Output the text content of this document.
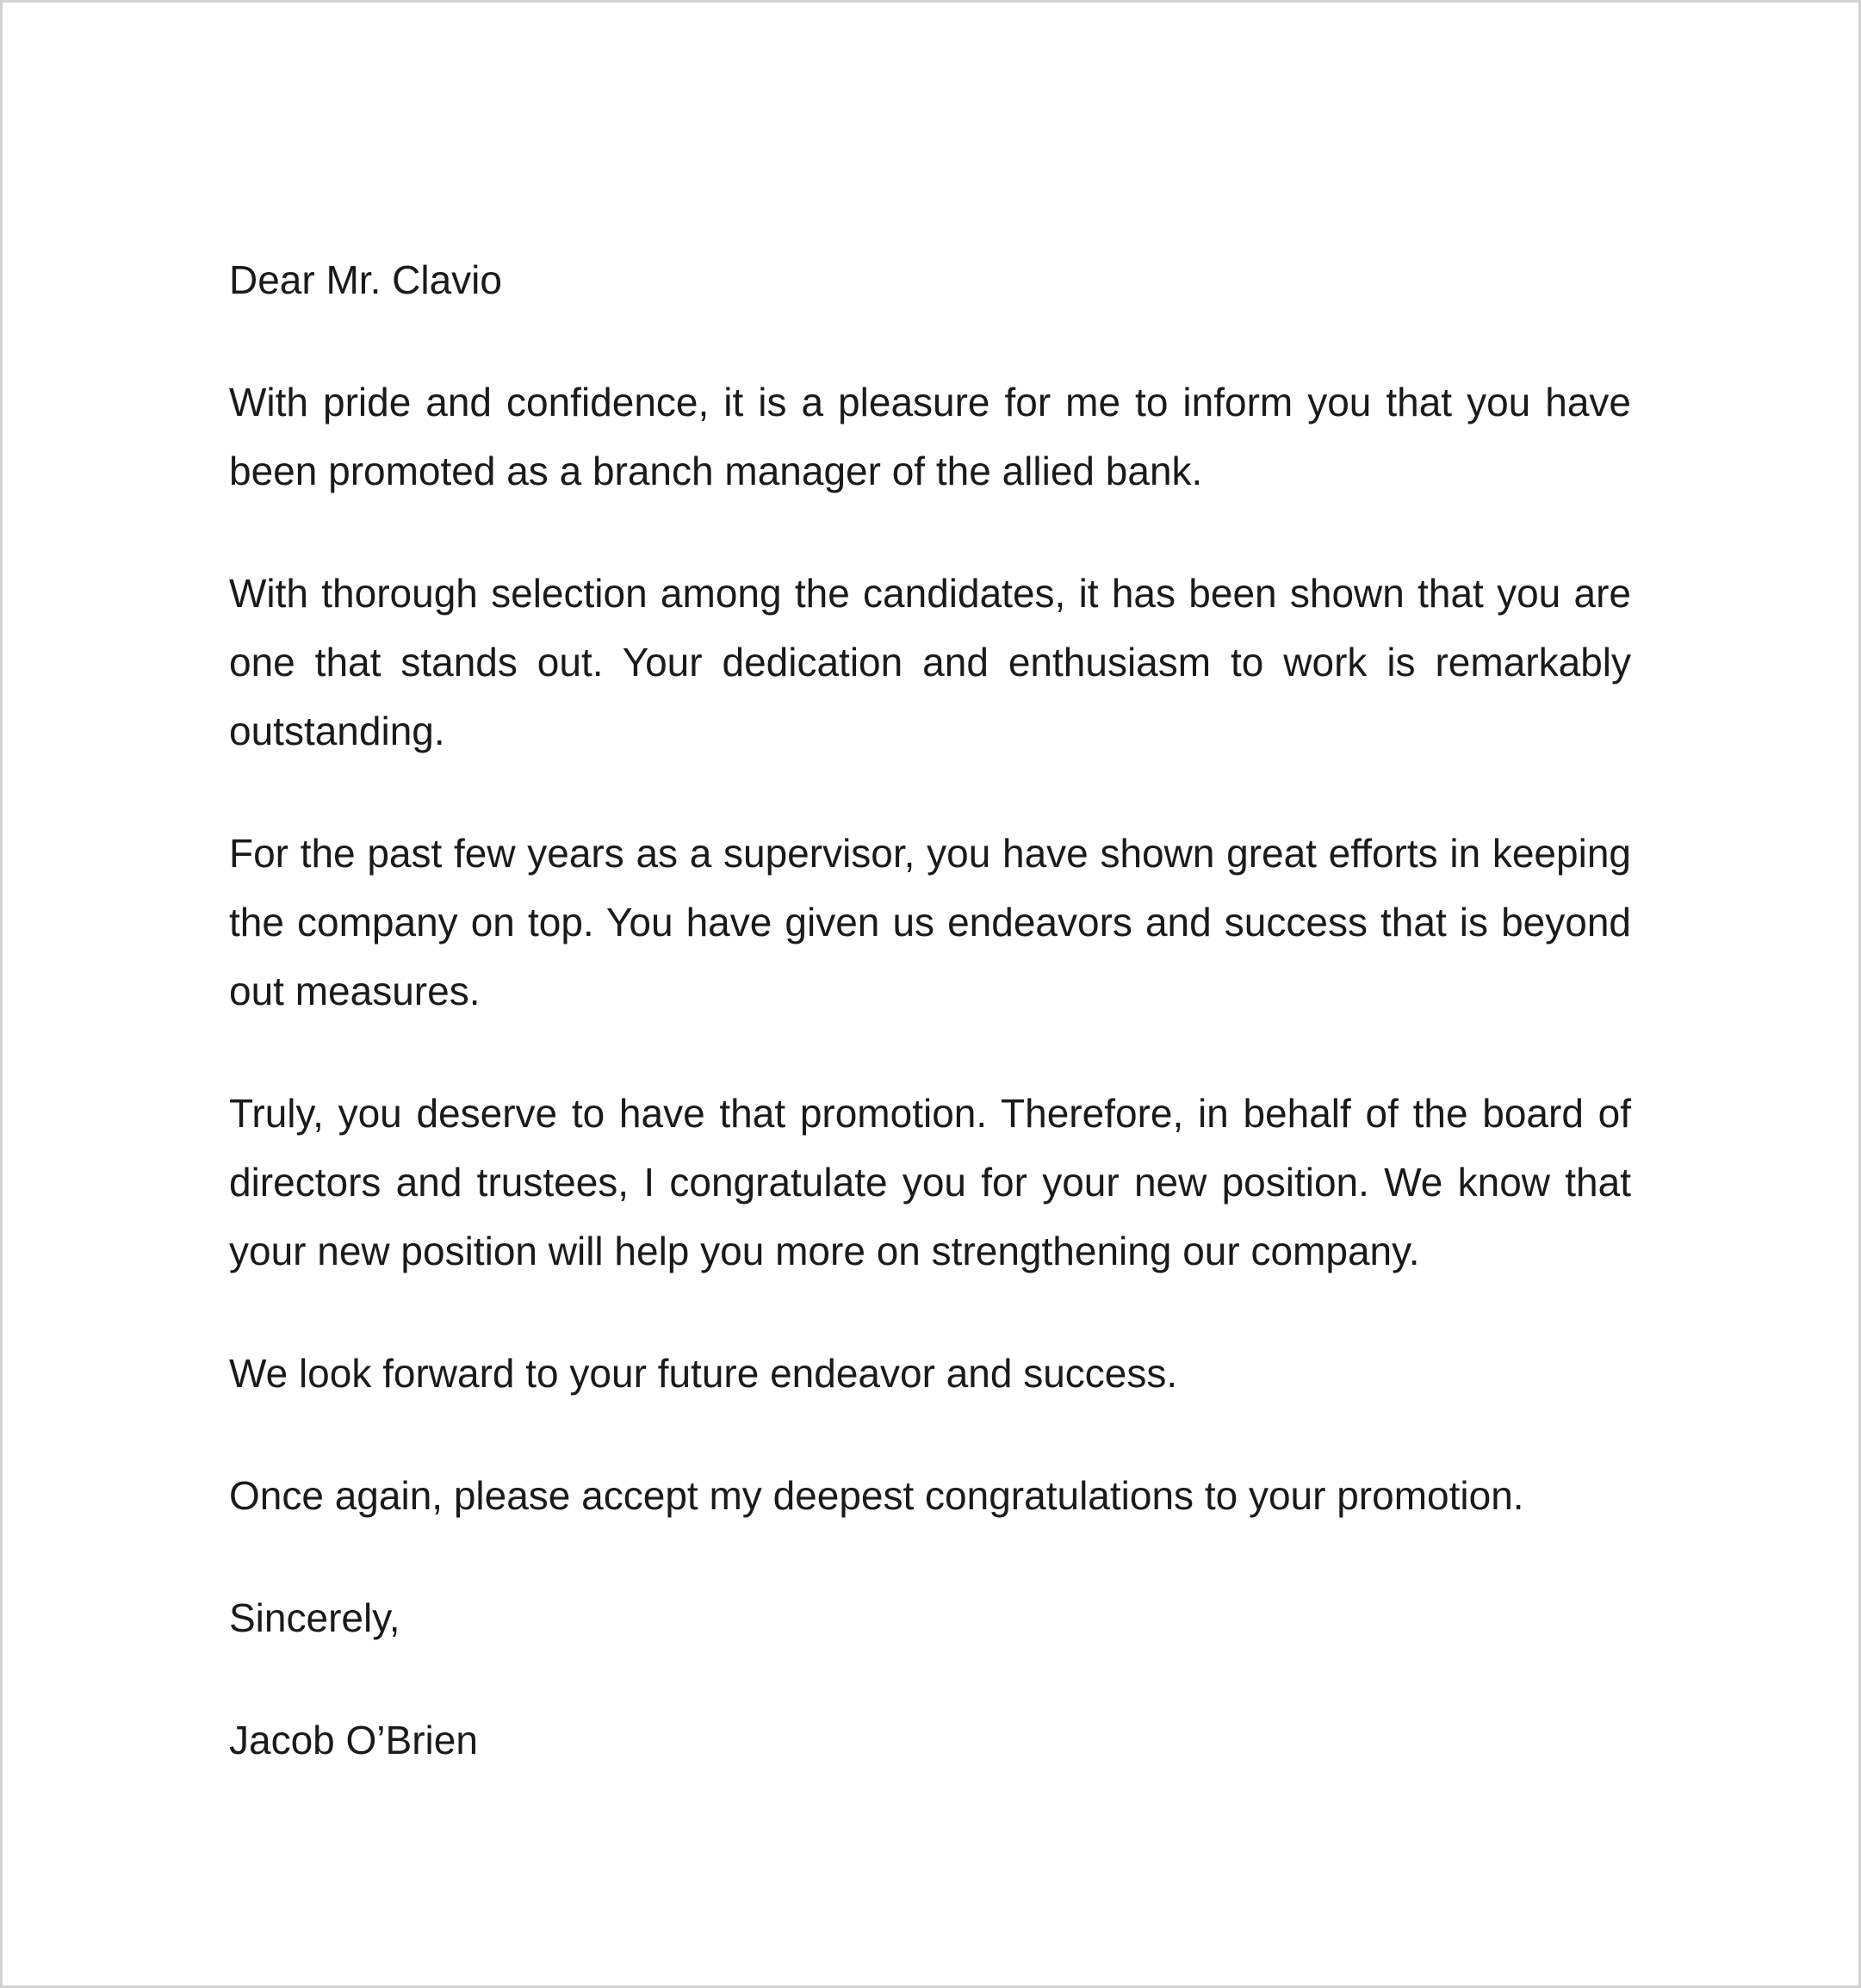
Dear Mr. Clavio

With pride and confidence, it is a pleasure for me to inform you that you have been promoted as a branch manager of the allied bank.

With thorough selection among the candidates, it has been shown that you are one that stands out. Your dedication and enthusiasm to work is remarkably outstanding.

For the past few years as a supervisor, you have shown great efforts in keeping the company on top. You have given us endeavors and success that is beyond out measures.

Truly, you deserve to have that promotion. Therefore, in behalf of the board of directors and trustees, I congratulate you for your new position. We know that your new position will help you more on strengthening our company.

We look forward to your future endeavor and success.

Once again, please accept my deepest congratulations to your promotion.

Sincerely,

Jacob O’Brien
